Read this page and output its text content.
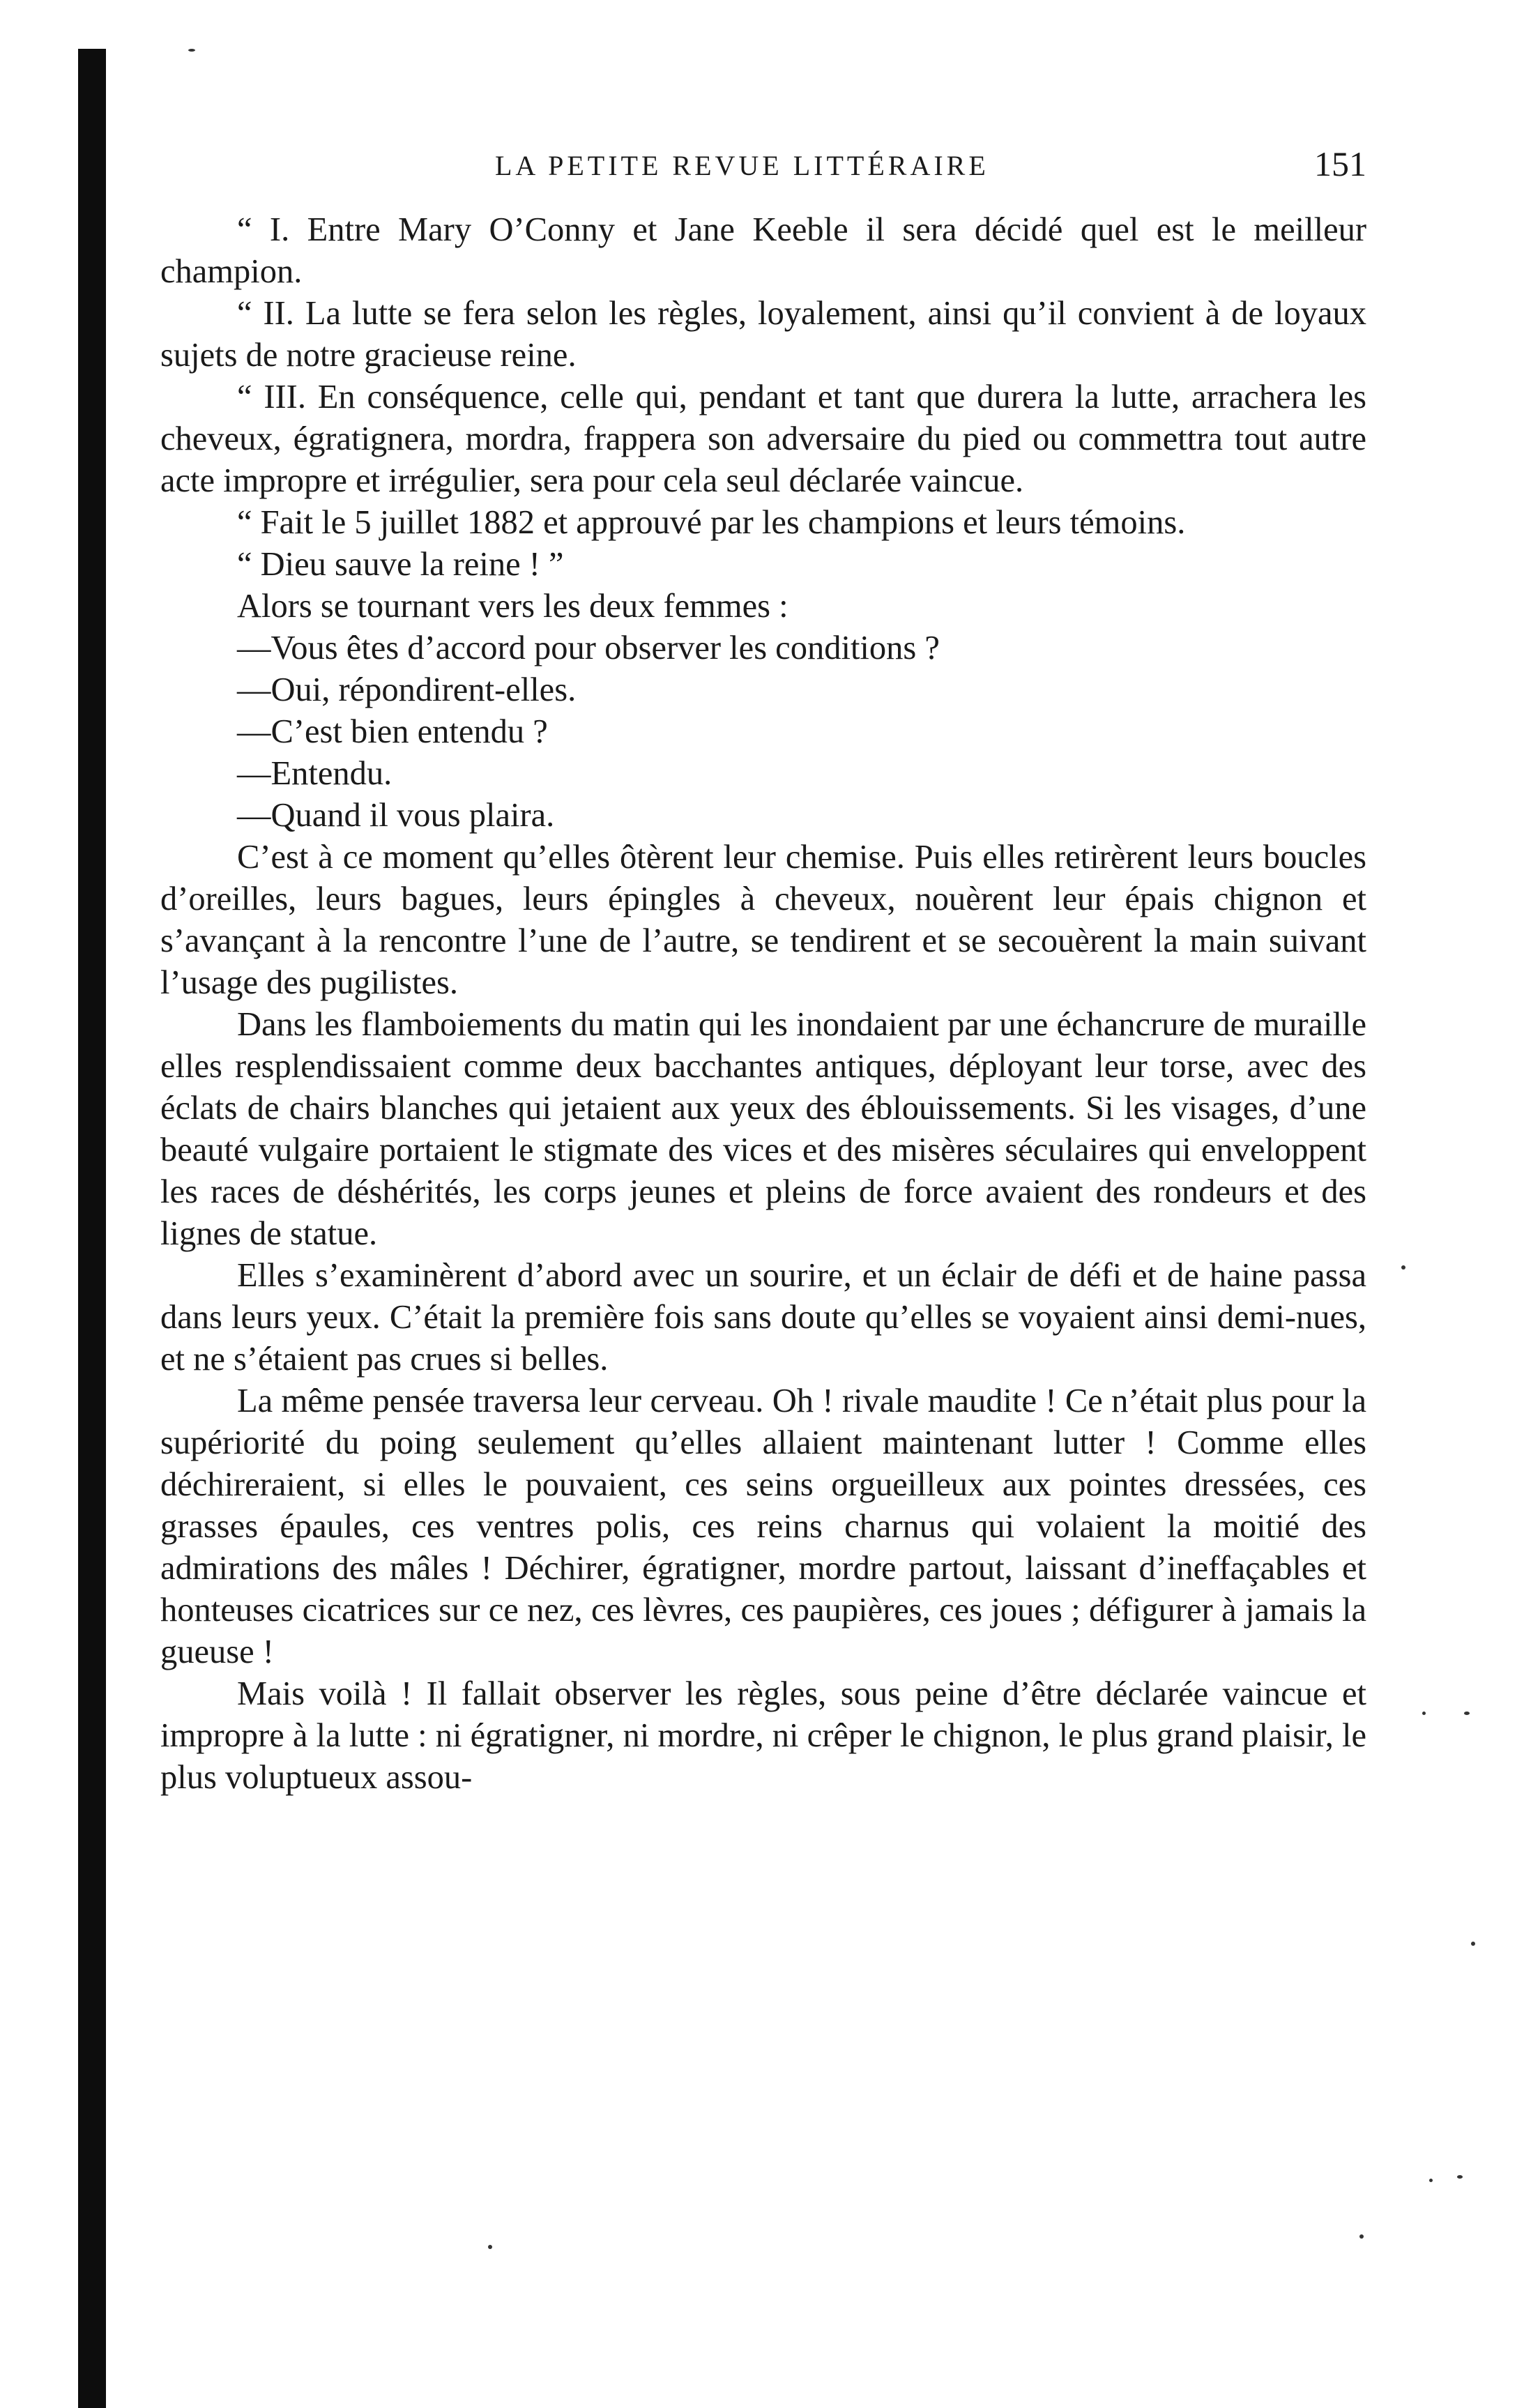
LA PETITE REVUE LITTÉRAIRE	151

“ I. Entre Mary O’Conny et Jane Keeble il sera décidé quel est le meilleur champion.

“ II. La lutte se fera selon les règles, loyalement, ainsi qu’il convient à de loyaux sujets de notre gracieuse reine.

“ III. En conséquence, celle qui, pendant et tant que durera la lutte, arrachera les cheveux, égratignera, mordra, frappera son adversaire du pied ou commettra tout autre acte impropre et irrégulier, sera pour cela seul déclarée vaincue.

“ Fait le 5 juillet 1882 et approuvé par les champions et leurs témoins.

“ Dieu sauve la reine ! ”

Alors se tournant vers les deux femmes :

—Vous êtes d’accord pour observer les conditions ?

—Oui, répondirent-elles.

—C’est bien entendu ?

—Entendu.

—Quand il vous plaira.

C’est à ce moment qu’elles ôtèrent leur chemise. Puis elles retirèrent leurs boucles d’oreilles, leurs bagues, leurs épingles à cheveux, nouèrent leur épais chignon et s’avançant à la rencontre l’une de l’autre, se tendirent et se secouèrent la main suivant l’usage des pugilistes.

Dans les flamboiements du matin qui les inondaient par une échancrure de muraille elles resplendissaient comme deux bacchantes antiques, déployant leur torse, avec des éclats de chairs blanches qui jetaient aux yeux des éblouissements. Si les visages, d’une beauté vulgaire portaient le stigmate des vices et des misères séculaires qui enveloppent les races de déshérités, les corps jeunes et pleins de force avaient des rondeurs et des lignes de statue.

Elles s’examinèrent d’abord avec un sourire, et un éclair de défi et de haine passa dans leurs yeux. C’était la première fois sans doute qu’elles se voyaient ainsi demi-nues, et ne s’étaient pas crues si belles.

La même pensée traversa leur cerveau. Oh ! rivale maudite ! Ce n’était plus pour la supériorité du poing seulement qu’elles allaient maintenant lutter ! Comme elles déchireraient, si elles le pouvaient, ces seins orgueilleux aux pointes dressées, ces grasses épaules, ces ventres polis, ces reins charnus qui volaient la moitié des admirations des mâles ! Déchirer, égratigner, mordre partout, laissant d’ineffaçables et honteuses cicatrices sur ce nez, ces lèvres, ces paupières, ces joues ; défigurer à jamais la gueuse !

Mais voilà ! Il fallait observer les règles, sous peine d’être déclarée vaincue et impropre à la lutte : ni égratigner, ni mordre, ni crêper le chignon, le plus grand plaisir, le plus voluptueux assou-
